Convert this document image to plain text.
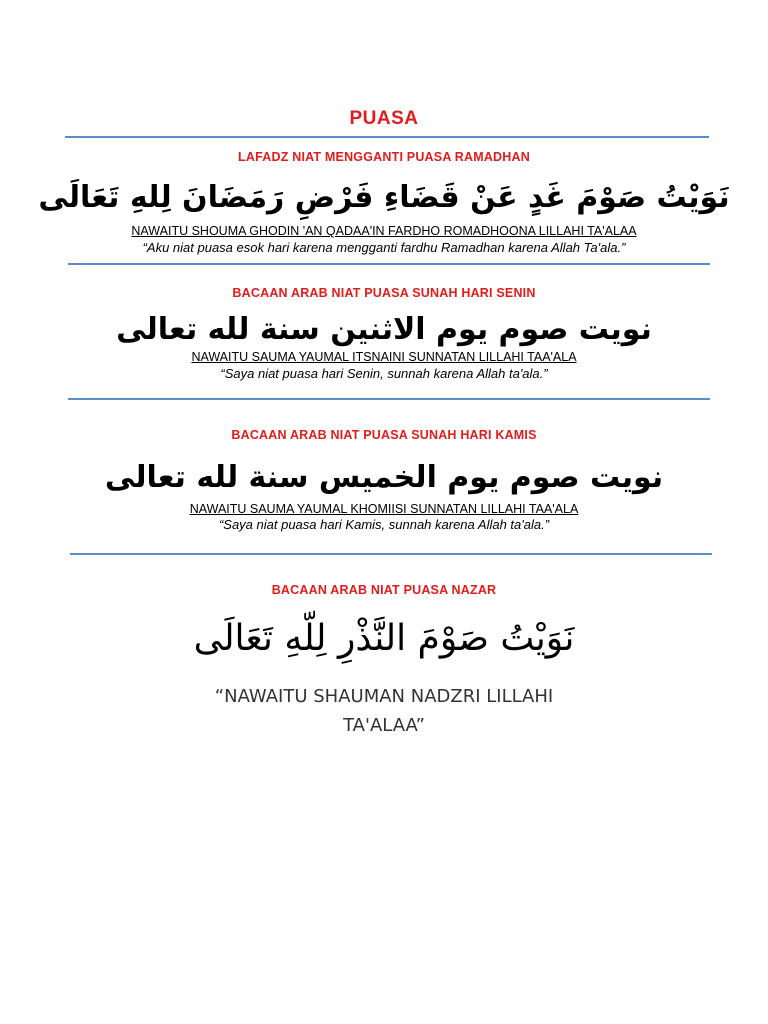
PUASA
LAFADZ NIAT MENGGANTI PUASA RAMADHAN
نَوَيْتُ صَوْمَ غَدٍ عَنْ قَضَاءِ فَرْضِ رَمَضَانَ لِلهِ تَعَالَى
NAWAITU SHOUMA GHODIN 'AN QADAA'IN FARDHO ROMADHOONA LILLAHI TA'ALAA
“Aku niat puasa esok hari karena mengganti fardhu Ramadhan karena Allah Ta'ala.”
BACAAN ARAB NIAT PUASA SUNAH HARI SENIN
نويت صوم يوم الاثنين سنة لله تعالى
NAWAITU SAUMA YAUMAL ITSNAINI SUNNATAN LILLAHI TAA'ALA
“Saya niat puasa hari Senin, sunnah karena Allah ta'ala.”
BACAAN ARAB NIAT PUASA SUNAH HARI KAMIS
نويت صوم يوم الخميس سنة لله تعالى
NAWAITU SAUMA YAUMAL KHOMIISI SUNNATAN LILLAHI TAA'ALA
“Saya niat puasa hari Kamis, sunnah karena Allah ta'ala.”
BACAAN ARAB NIAT PUASA NAZAR
نَوَيْتُ صَوْمَ النَّذْرِ لِلّهِ تَعَالَى
“NAWAITU SHAUMAN NADZRI LILLAHI
TA'ALAA”
